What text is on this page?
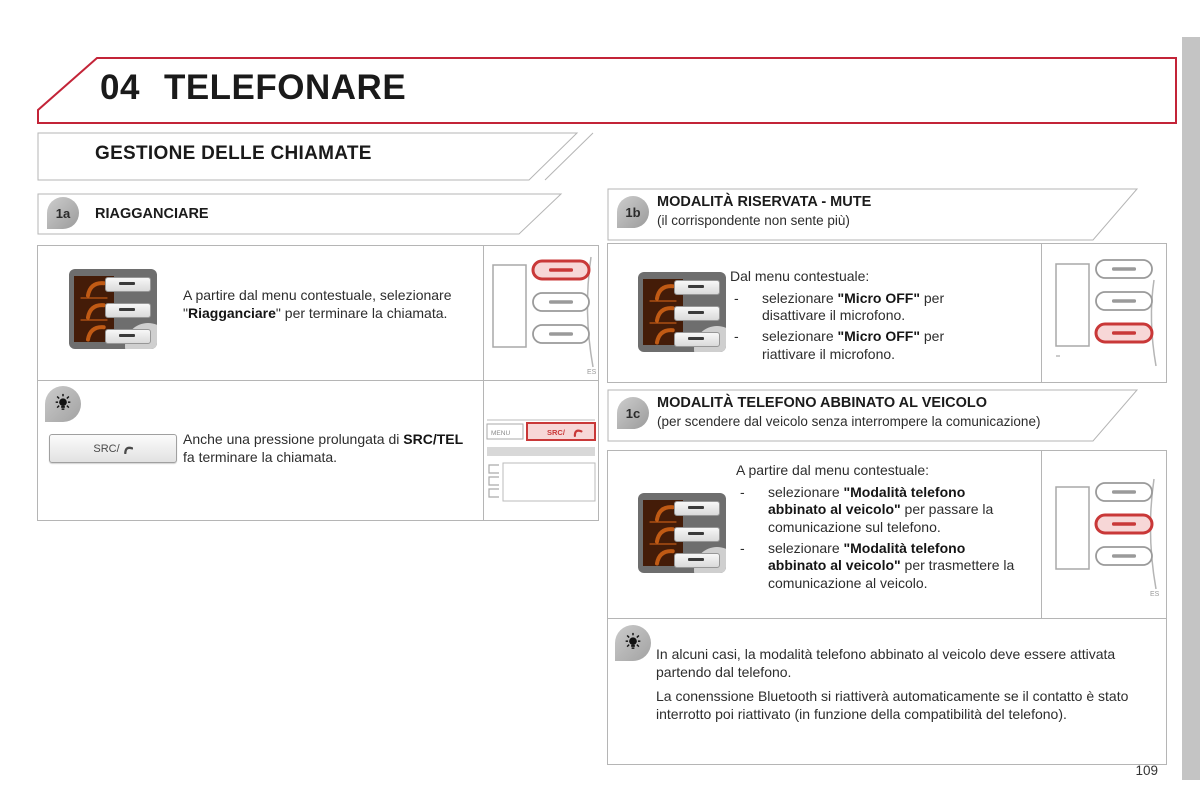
04 TELEFONARE
GESTIONE DELLE CHIAMATE
1a	RIAGGANCIARE
A partire dal menu contestuale, selezionare "Riagganciare" per terminare la chiamata.
ES
SRC/
Anche una pressione prolungata di SRC/TEL fa terminare la chiamata.
MENU	SRC/
1b
MODALITÀ RISERVATA - MUTE
(il corrispondente non sente più)
Dal menu contestuale:
-	selezionare "Micro OFF" per disattivare il microfono.
-	selezionare "Micro OFF" per riattivare il microfono.
1c
MODALITÀ TELEFONO ABBINATO AL VEICOLO
(per scendere dal veicolo senza interrompere la comunicazione)
A partire dal menu contestuale:
-	selezionare "Modalità telefono abbinato al veicolo" per passare la comunicazione sul telefono.
-	selezionare "Modalità telefono abbinato al veicolo" per trasmettere la comunicazione al veicolo.
ES
In alcuni casi, la modalità telefono abbinato al veicolo deve essere attivata partendo dal telefono.
La conenssione Bluetooth si riattiverà automaticamente se il contatto è stato interrotto poi riattivato (in funzione della compatibilità del telefono).
109
